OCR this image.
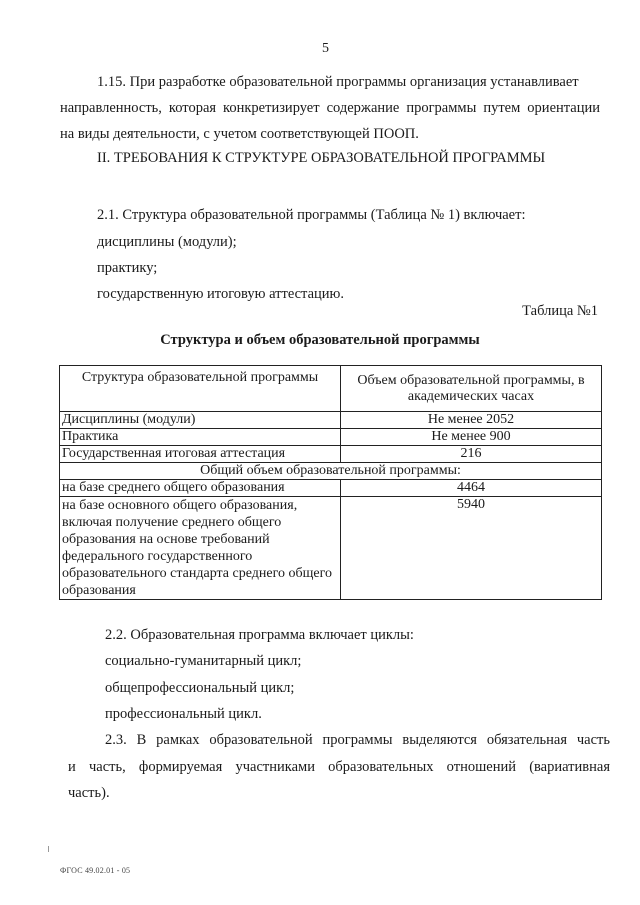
5
1.15. При разработке образовательной программы организация устанавливает
направленность, которая конкретизирует содержание программы путем ориентации
на виды деятельности, с учетом соответствующей ПООП.
II. ТРЕБОВАНИЯ К СТРУКТУРЕ ОБРАЗОВАТЕЛЬНОЙ ПРОГРАММЫ
2.1. Структура образовательной программы (Таблица № 1) включает:
дисциплины (модули);
практику;
государственную итоговую аттестацию.
Таблица №1
Структура и объем образовательной программы
Структура образовательной программы	Объем образовательной программы, в академических часах
Дисциплины (модули)	Не менее 2052
Практика	Не менее 900
Государственная итоговая аттестация	216
Общий объем образовательной программы:	
на базе среднего общего образования	4464
на базе основного общего образования, включая получение среднего общего образования на основе требований федерального государственного образовательного стандарта среднего общего образования	5940
2.2. Образовательная программа включает циклы:
социально-гуманитарный цикл;
общепрофессиональный цикл;
профессиональный цикл.
2.3. В рамках образовательной программы выделяются обязательная часть
и часть, формируемая участниками образовательных отношений (вариативная
часть).
ФГОС 49.02.01 - 05
